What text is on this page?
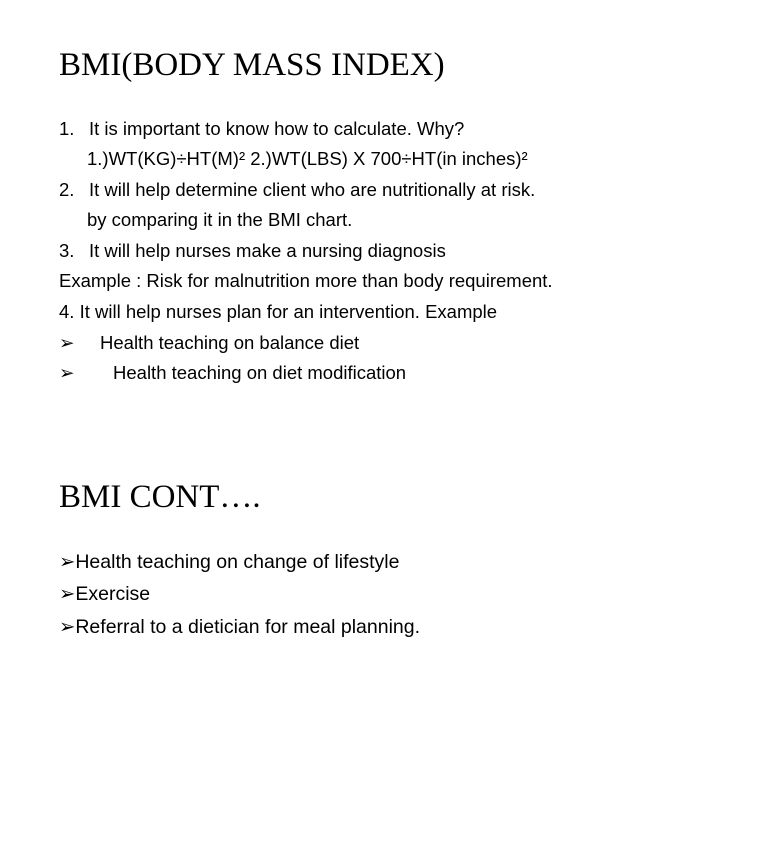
BMI(BODY MASS INDEX)
1. It is important to know how to calculate. Why?
1.)WT(KG)÷HT(M)² 2.)WT(LBS) X 700÷HT(in inches)²
2. It will help determine client who are nutritionally at risk.
by comparing it in the BMI chart.
3. It will help nurses make a nursing diagnosis
Example : Risk for malnutrition more than body requirement.
4. It will help nurses plan for an intervention. Example
➢ Health teaching on balance diet
➢ Health teaching on diet modification
BMI CONT….
➢Health teaching on change of lifestyle
➢Exercise
➢Referral to a dietician for meal planning.
